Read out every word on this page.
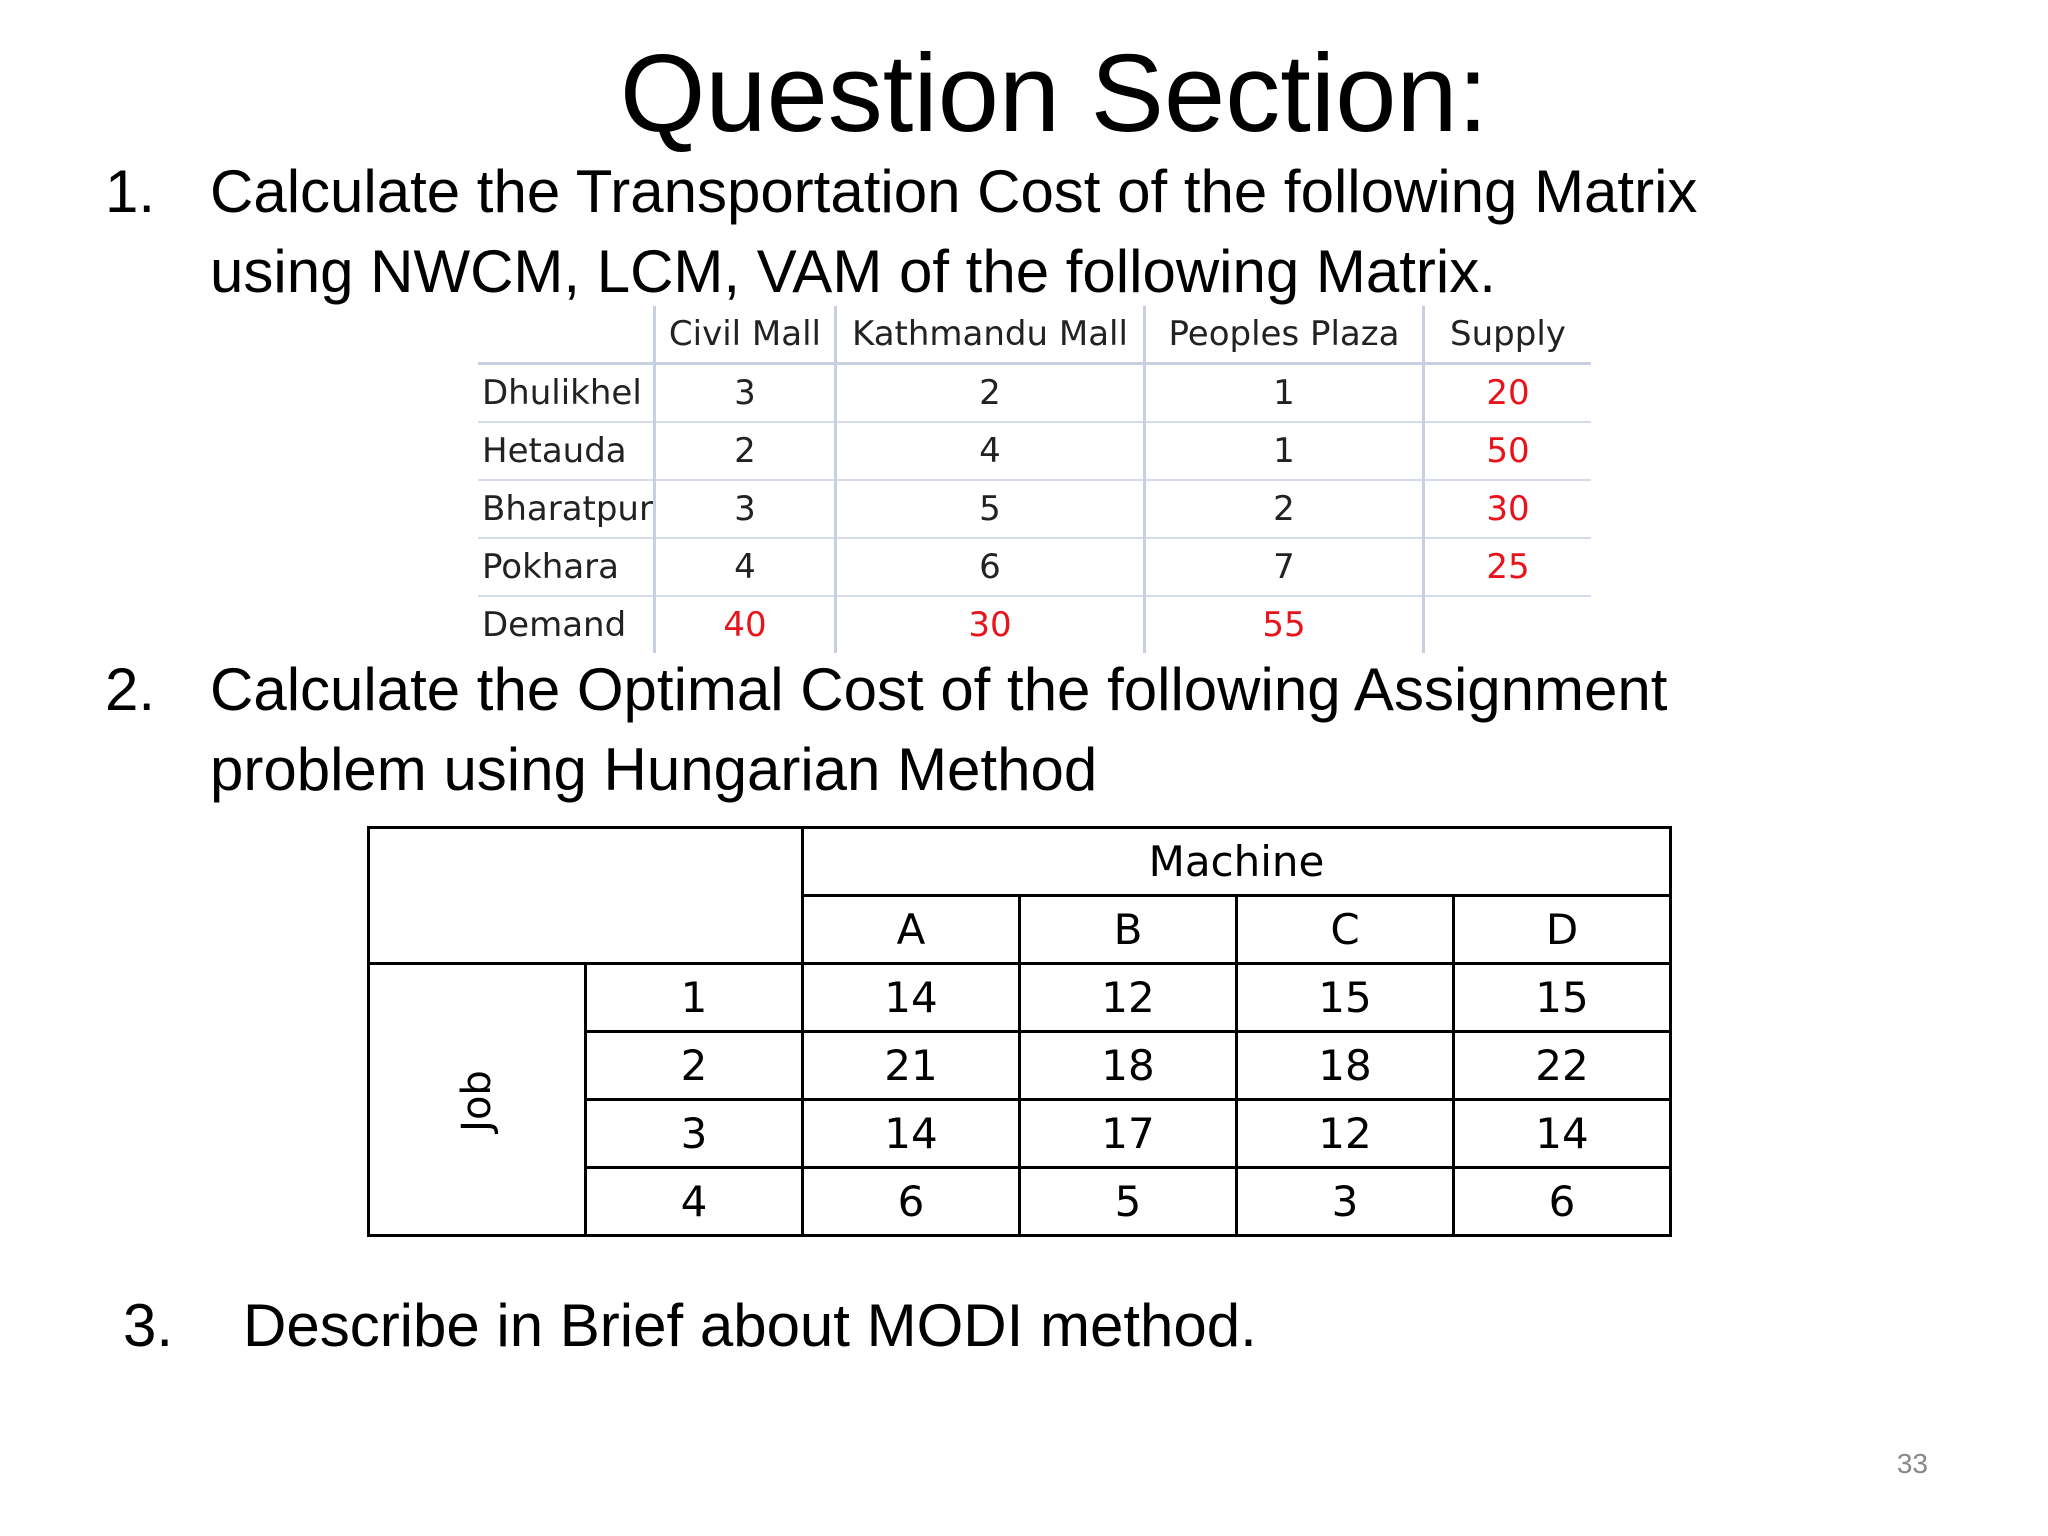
Question Section:
1. Calculate the Transportation Cost of the following Matrix
using NWCM, LCM, VAM of the following Matrix.
	Civil Mall	Kathmandu Mall	Peoples Plaza	Supply
Dhulikhel	3	2	1	20
Hetauda	2	4	1	50
Bharatpur	3	5	2	30
Pokhara	4	6	7	25
Demand	40	30	55	
2. Calculate the Optimal Cost of the following Assignment
problem using Hungarian Method
		Machine			
		A	B	C	D
Job	1	14	12	15	15
	2	21	18	18	22
	3	14	17	12	14
	4	6	5	3	6
3. Describe in Brief about MODI method.
33
